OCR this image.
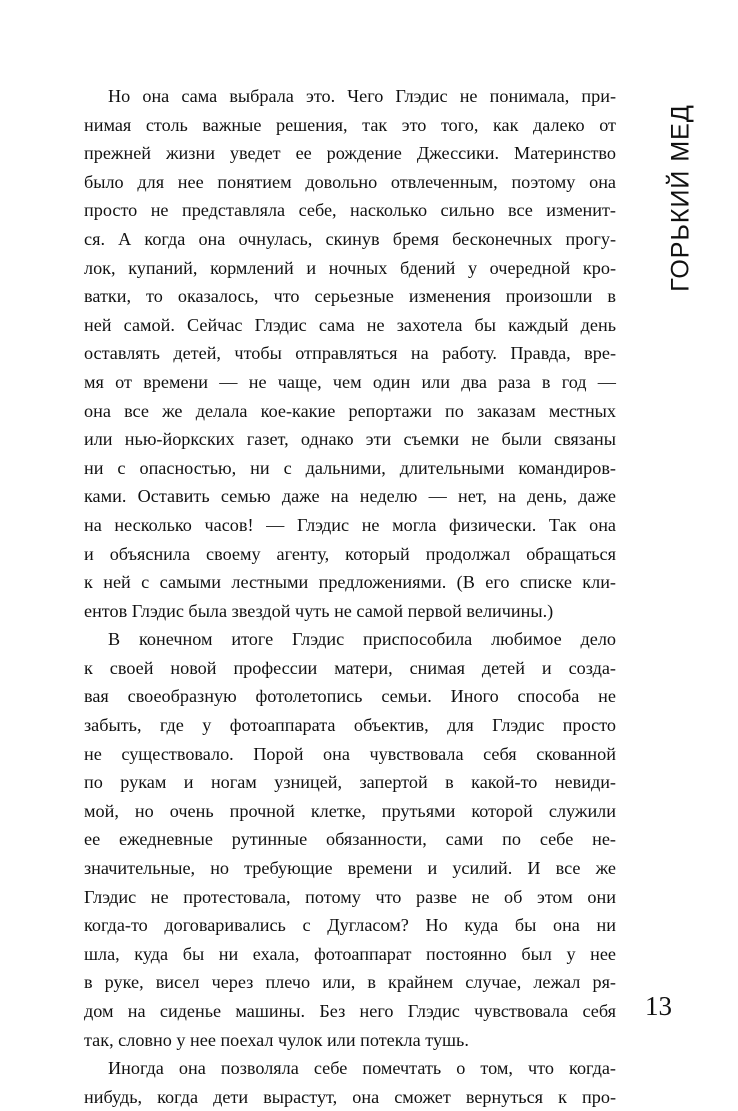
ГОРЬКИЙ МЕД
Но она сама выбрала это. Чего Глэдис не понимала, при-
нимая столь важные решения, так это того, как далеко от
прежней жизни уведет ее рождение Джессики. Материнство
было для нее понятием довольно отвлеченным, поэтому она
просто не представляла себе, насколько сильно все изменит-
ся. А когда она очнулась, скинув бремя бесконечных прогу-
лок, купаний, кормлений и ночных бдений у очередной кро-
ватки, то оказалось, что серьезные изменения произошли в
ней самой. Сейчас Глэдис сама не захотела бы каждый день
оставлять детей, чтобы отправляться на работу. Правда, вре-
мя от времени — не чаще, чем один или два раза в год —
она все же делала кое-какие репортажи по заказам местных
или нью-йоркских газет, однако эти съемки не были связаны
ни с опасностью, ни с дальними, длительными командиров-
ками. Оставить семью даже на неделю — нет, на день, даже
на несколько часов! — Глэдис не могла физически. Так она
и объяснила своему агенту, который продолжал обращаться
к ней с самыми лестными предложениями. (В его списке кли-
ентов Глэдис была звездой чуть не самой первой величины.)
В конечном итоге Глэдис приспособила любимое дело
к своей новой профессии матери, снимая детей и созда-
вая своеобразную фотолетопись семьи. Иного способа не
забыть, где у фотоаппарата объектив, для Глэдис просто
не существовало. Порой она чувствовала себя скованной
по рукам и ногам узницей, запертой в какой-то невиди-
мой, но очень прочной клетке, прутьями которой служили
ее ежедневные рутинные обязанности, сами по себе не-
значительные, но требующие времени и усилий. И все же
Глэдис не протестовала, потому что разве не об этом они
когда-то договаривались с Дугласом? Но куда бы она ни
шла, куда бы ни ехала, фотоаппарат постоянно был у нее
в руке, висел через плечо или, в крайнем случае, лежал ря-
дом на сиденье машины. Без него Глэдис чувствовала себя
так, словно у нее поехал чулок или потекла тушь.
Иногда она позволяла себе помечтать о том, что когда-
нибудь, когда дети вырастут, она сможет вернуться к про-
13
